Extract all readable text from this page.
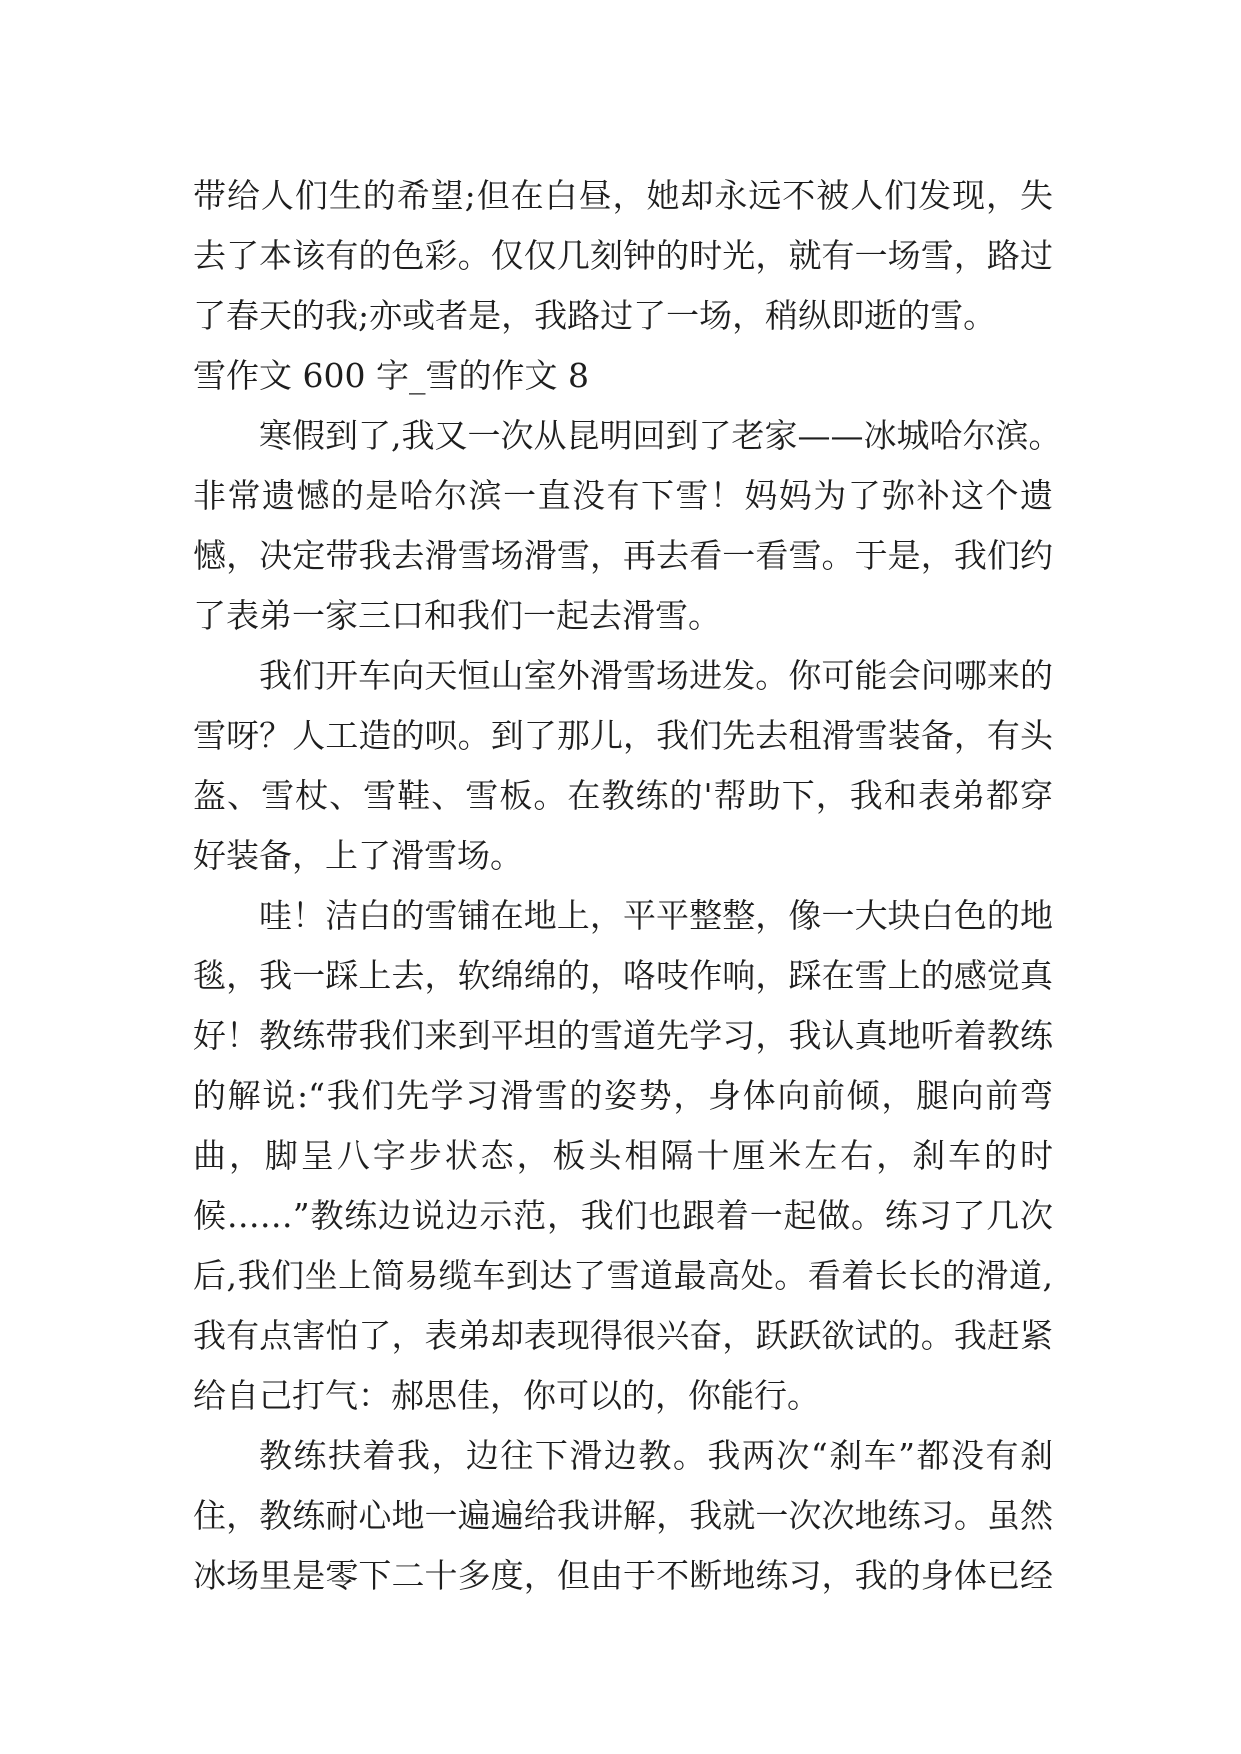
带给人们生的希望;但在白昼，她却永远不被人们发现，失
去了本该有的色彩。仅仅几刻钟的时光，就有一场雪，路过
了春天的我;亦或者是，我路过了一场，稍纵即逝的雪。
雪作文 600 字_雪的作文 8
寒假到了,我又一次从昆明回到了老家——冰城哈尔滨。
非常遗憾的是哈尔滨一直没有下雪！妈妈为了弥补这个遗
憾，决定带我去滑雪场滑雪，再去看一看雪。于是，我们约
了表弟一家三口和我们一起去滑雪。
我们开车向天恒山室外滑雪场进发。你可能会问哪来的
雪呀？人工造的呗。到了那儿，我们先去租滑雪装备，有头
盔、雪杖、雪鞋、雪板。在教练的'帮助下，我和表弟都穿
好装备，上了滑雪场。
哇！洁白的雪铺在地上，平平整整，像一大块白色的地
毯，我一踩上去，软绵绵的，咯吱作响，踩在雪上的感觉真
好！教练带我们来到平坦的雪道先学习，我认真地听着教练
的解说:“我们先学习滑雪的姿势，身体向前倾，腿向前弯
曲，脚呈八字步状态，板头相隔十厘米左右，刹车的时
候……”教练边说边示范，我们也跟着一起做。练习了几次
后,我们坐上简易缆车到达了雪道最高处。看着长长的滑道,
我有点害怕了，表弟却表现得很兴奋，跃跃欲试的。我赶紧
给自己打气：郝思佳，你可以的，你能行。
教练扶着我，边往下滑边教。我两次“刹车”都没有刹
住，教练耐心地一遍遍给我讲解，我就一次次地练习。虽然
冰场里是零下二十多度，但由于不断地练习，我的身体已经
